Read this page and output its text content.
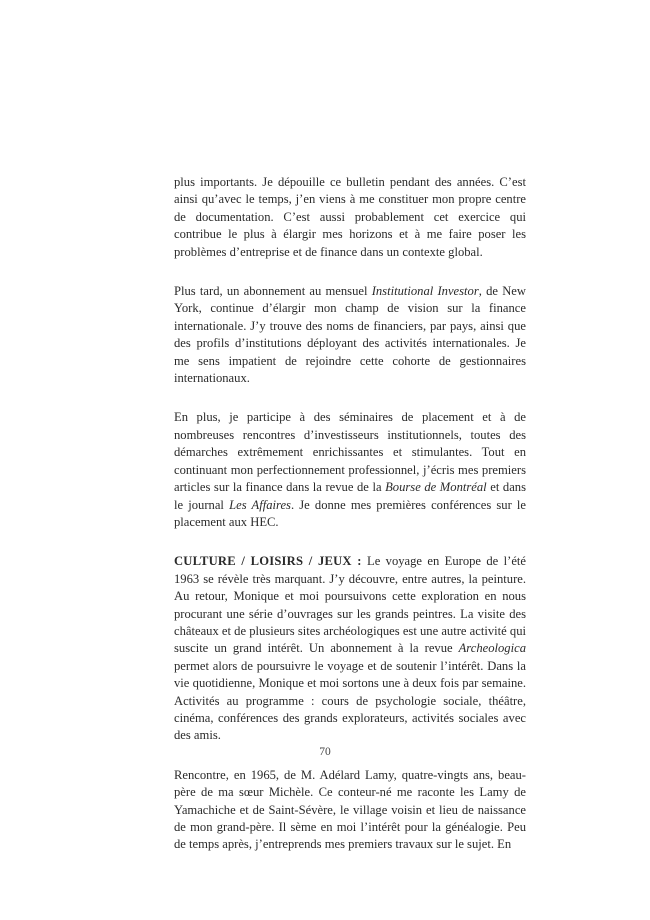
plus importants. Je dépouille ce bulletin pendant des années. C’est ainsi qu’avec le temps, j’en viens à me constituer mon propre centre de documentation. C’est aussi probablement cet exercice qui contribue le plus à élargir mes horizons et à me faire poser les problèmes d’entreprise et de finance dans un contexte global.

Plus tard, un abonnement au mensuel Institutional Investor, de New York, continue d’élargir mon champ de vision sur la finance internationale. J’y trouve des noms de financiers, par pays, ainsi que des profils d’institutions déployant des activités internationales. Je me sens impatient de rejoindre cette cohorte de gestionnaires internationaux.

En plus, je participe à des séminaires de placement et à de nombreuses rencontres d’investisseurs institutionnels, toutes des démarches extrêmement enrichissantes et stimulantes. Tout en continuant mon perfectionnement professionnel, j’écris mes premiers articles sur la finance dans la revue de la Bourse de Montréal et dans le journal Les Affaires. Je donne mes premières conférences sur le placement aux HEC.

CULTURE / LOISIRS / JEUX : Le voyage en Europe de l’été 1963 se révèle très marquant. J’y découvre, entre autres, la peinture. Au retour, Monique et moi poursuivons cette exploration en nous procurant une série d’ouvrages sur les grands peintres. La visite des châteaux et de plusieurs sites archéologiques est une autre activité qui suscite un grand intérêt. Un abonnement à la revue Archeologica permet alors de poursuivre le voyage et de soutenir l’intérêt. Dans la vie quotidienne, Monique et moi sortons une à deux fois par semaine. Activités au programme : cours de psychologie sociale, théâtre, cinéma, conférences des grands explorateurs, activités sociales avec des amis.

Rencontre, en 1965, de M. Adélard Lamy, quatre-vingts ans, beau-père de ma sœur Michèle. Ce conteur-né me raconte les Lamy de Yamachiche et de Saint-Sévère, le village voisin et lieu de naissance de mon grand-père. Il sème en moi l’intérêt pour la généalogie. Peu de temps après, j’entreprends mes premiers travaux sur le sujet. En

70
